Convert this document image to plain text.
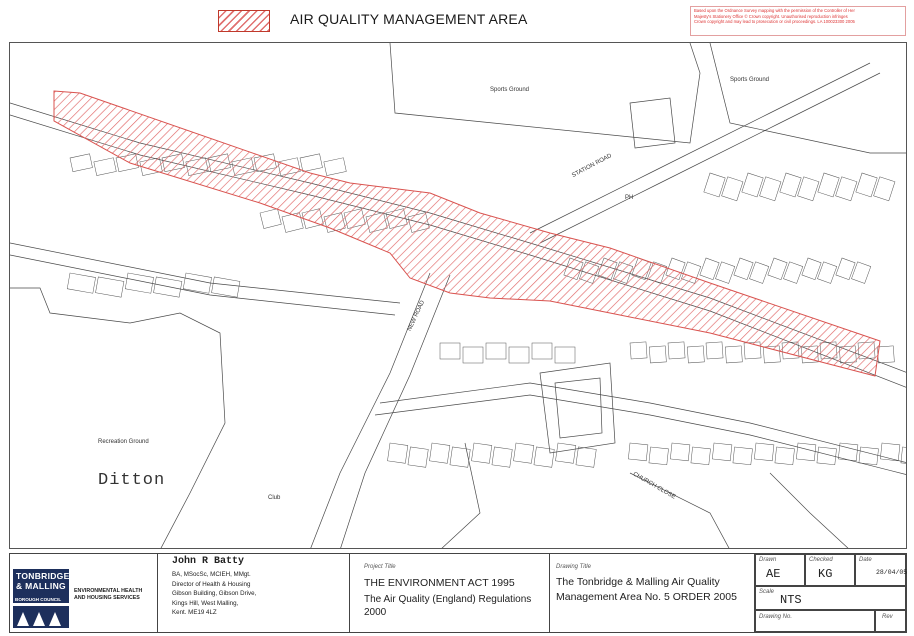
AIR QUALITY MANAGEMENT AREA
Based upon the Ordnance Survey mapping with the permission of the Controller of Her
Majesty's Stationery Office © Crown copyright. Unauthorised reproduction infringes
Crown copyright and may lead to prosecution or civil proceedings. LA 100023300 2005
Sports Ground
Sports Ground
Recreation Ground
Ditton
Club
STATION ROAD
NEW ROAD
PH
CHURCH CLOSE
TONBRIDGE
& MALLING
BOROUGH COUNCIL
ENVIRONMENTAL HEALTH
AND HOUSING SERVICES
John R Batty
BA, MSocSc, MCIEH, MMgt.
Director of Health & Housing
Gibson Building, Gibson Drive,
Kings Hill, West Malling,
Kent. ME19 4LZ
Project Title
THE ENVIRONMENT ACT 1995
The Air Quality (England) Regulations 2000
Drawing Title
The Tonbridge & Malling Air Quality Management Area No. 5 ORDER 2005
Drawn
AE
Checked
KG
Date
28/04/05
Scale
NTS
Drawing No.	Rev
